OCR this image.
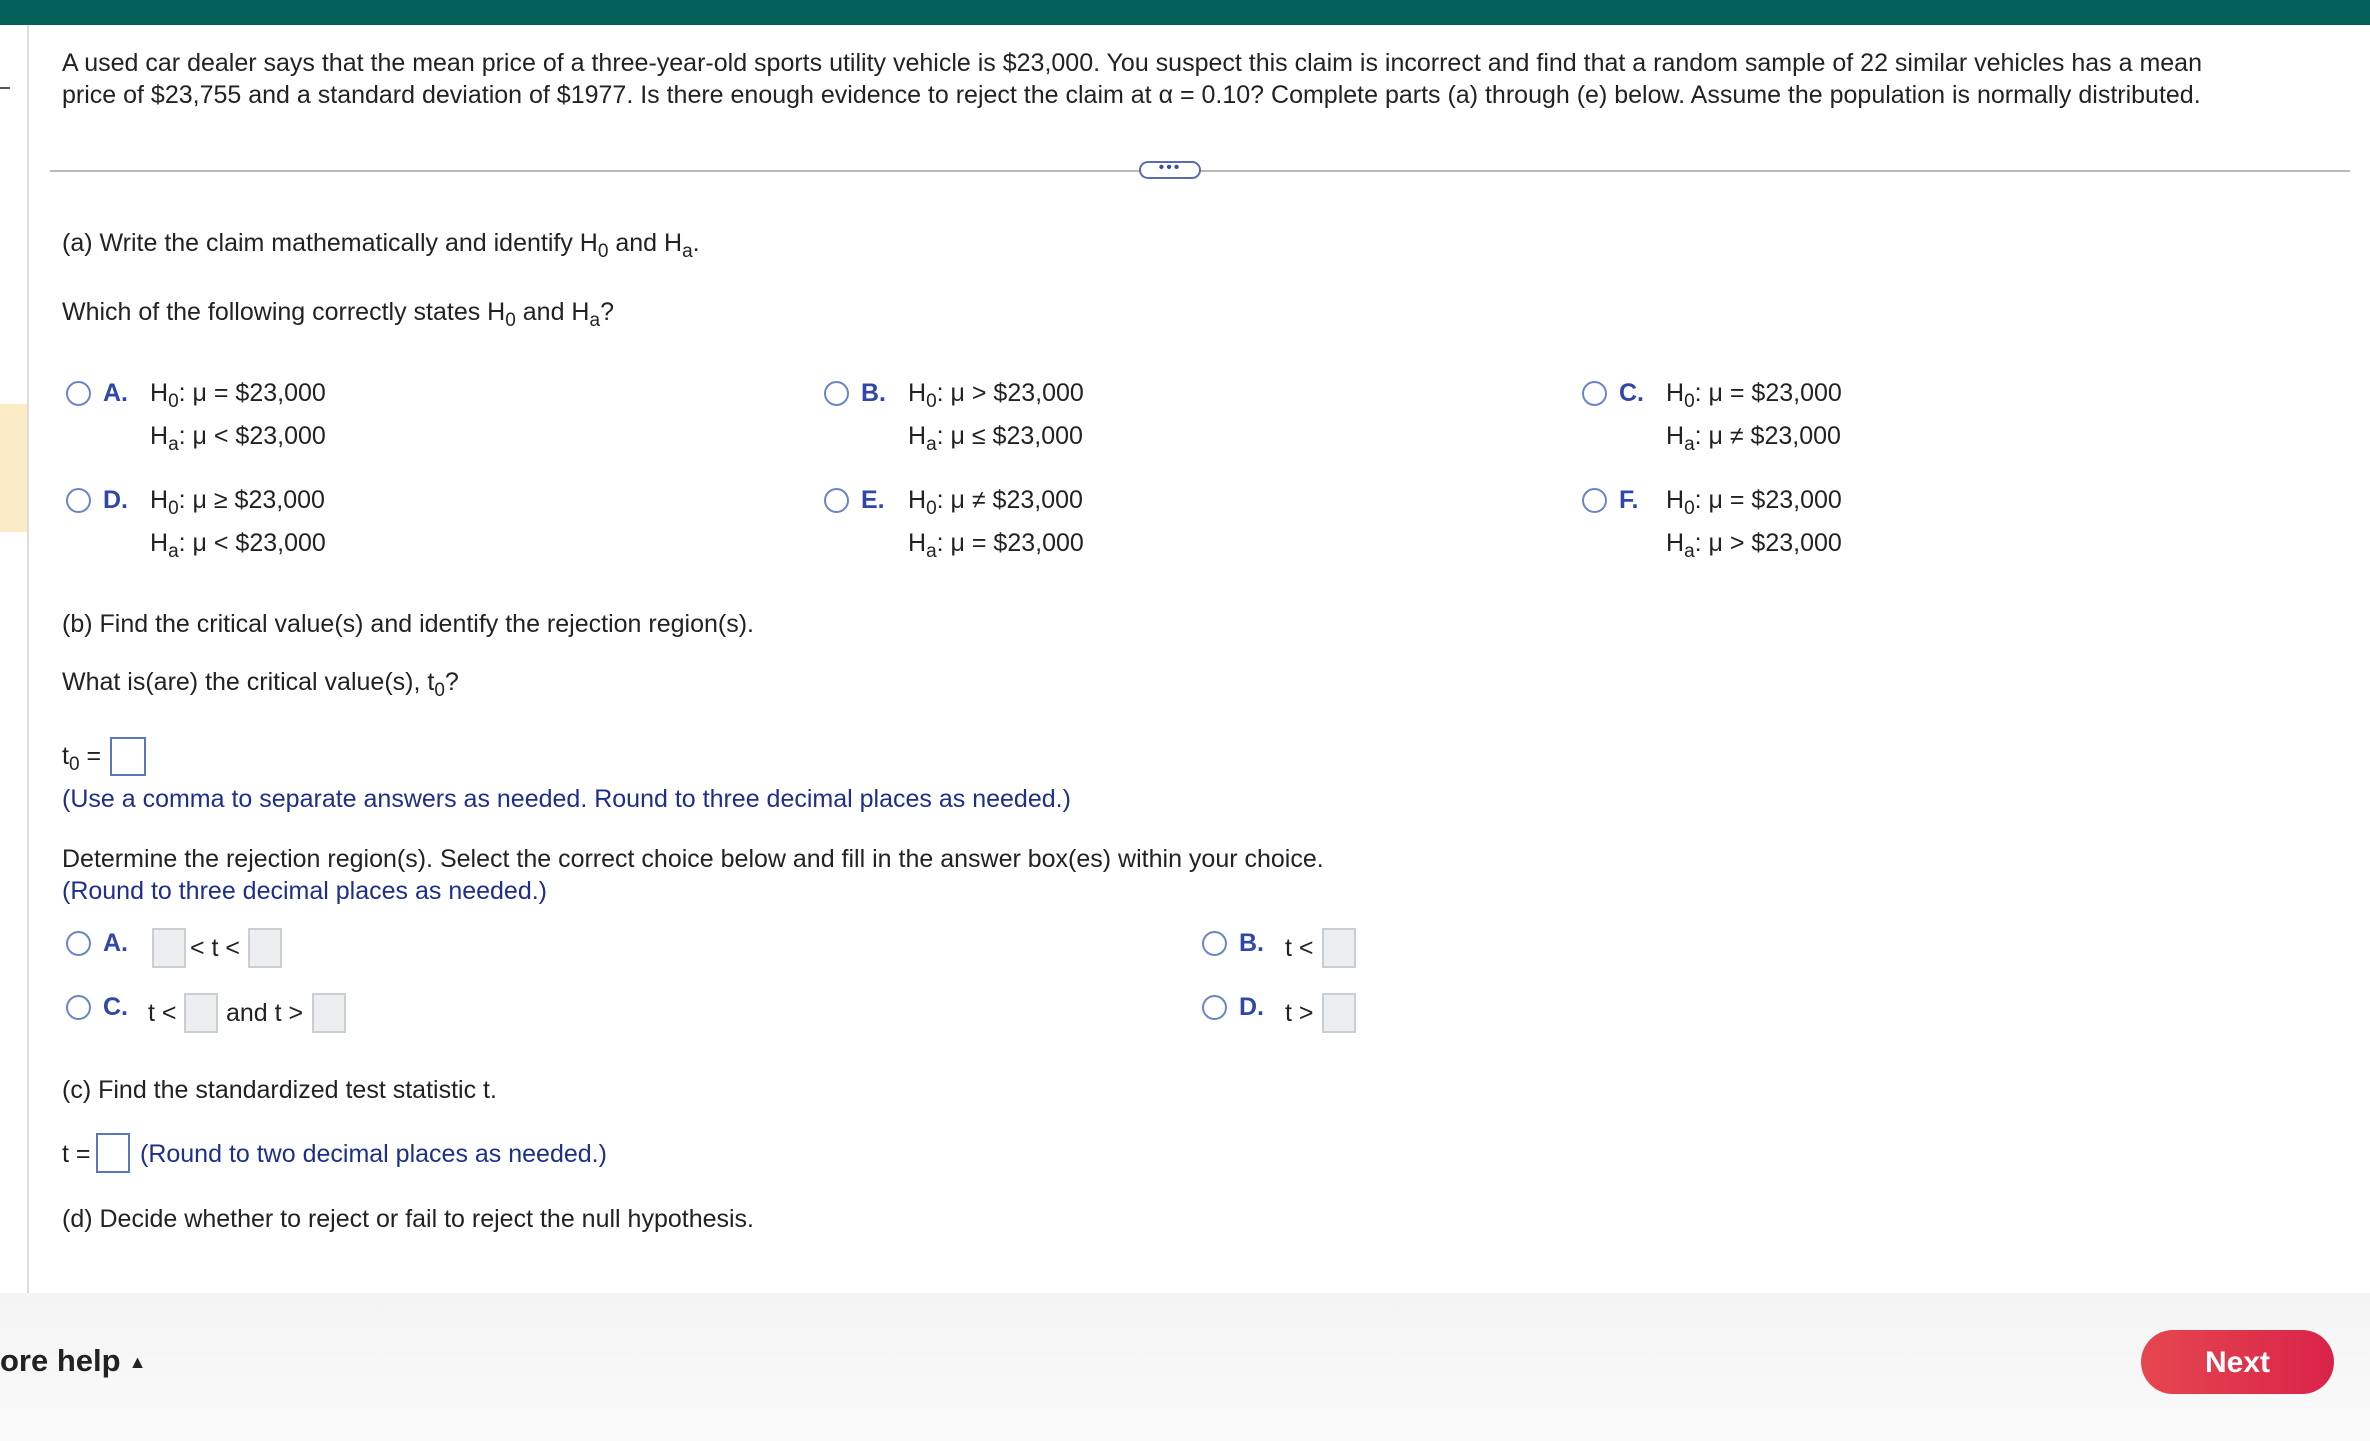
A used car dealer says that the mean price of a three-year-old sports utility vehicle is $23,000. You suspect this claim is incorrect and find that a random sample of 22 similar vehicles has a mean
price of $23,755 and a standard deviation of $1977. Is there enough evidence to reject the claim at α = 0.10? Complete parts (a) through (e) below. Assume the population is normally distributed.
•••
(a) Write the claim mathematically and identify $H_0$ and $H_a$.
Which of the following correctly states $H_0$ and $H_a$?
A. $H_0$: μ = $23,000
$H_a$: μ < $23,000
B. $H_0$: μ > $23,000
$H_a$: μ ≤ $23,000
C. $H_0$: μ = $23,000
$H_a$: μ ≠ $23,000
D. $H_0$: μ ≥ $23,000
$H_a$: μ < $23,000
E. $H_0$: μ ≠ $23,000
$H_a$: μ = $23,000
F. $H_0$: μ = $23,000
$H_a$: μ > $23,000
(b) Find the critical value(s) and identify the rejection region(s).
What is(are) the critical value(s), $t_0$?
$t_0$ =
(Use a comma to separate answers as needed. Round to three decimal places as needed.)
Determine the rejection region(s). Select the correct choice below and fill in the answer box(es) within your choice.
(Round to three decimal places as needed.)
A. < t <	B. t <
C. t < and t >	D. t >
(c) Find the standardized test statistic t.
t = (Round to two decimal places as needed.)
(d) Decide whether to reject or fail to reject the null hypothesis.
ore help ▲	Next
